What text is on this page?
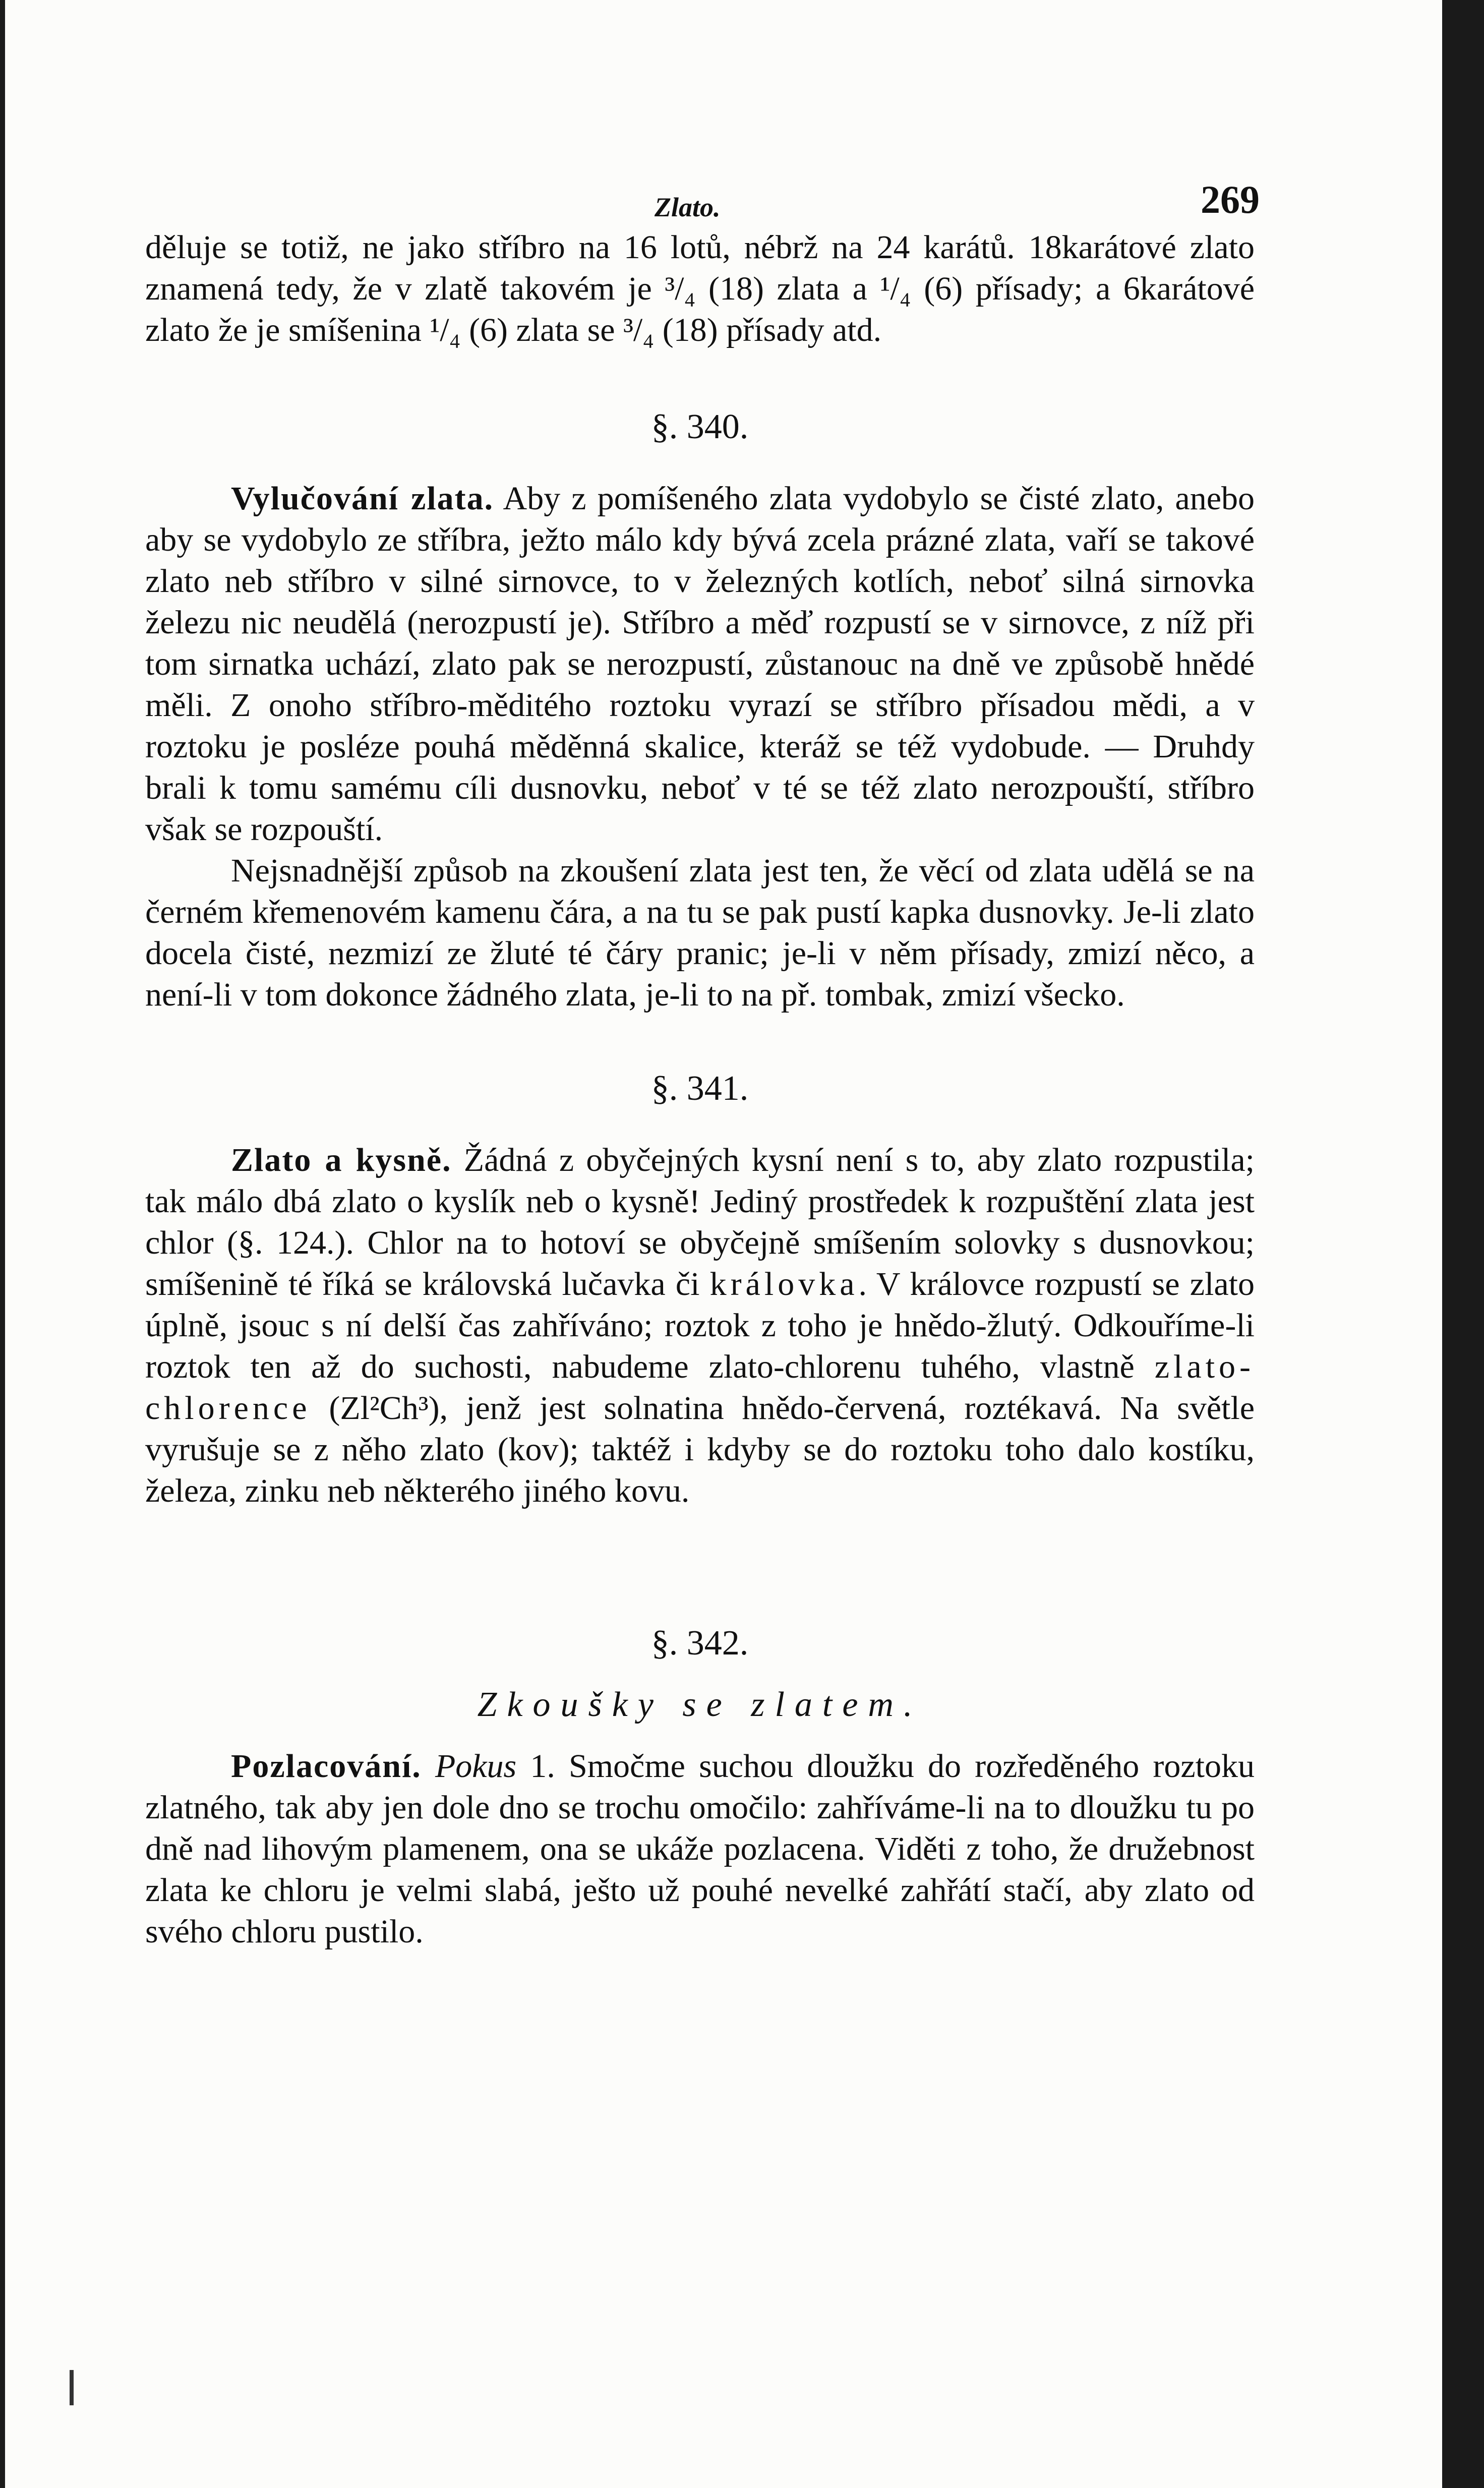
Zlato.	269

děluje se totiž, ne jako stříbro na 16 lotů, nébrž na 24 karátů. 18karátové zlato znamená tedy, že v zlatě takovém je ³/₄ (18) zlata a ¹/₄ (6) přísady; a 6karátové zlato že je smíšenina ¹/₄ (6) zlata se ³/₄ (18) přísady atd.

§. 340.

Vylučování zlata. Aby z pomíšeného zlata vydobylo se čisté zlato, anebo aby se vydobylo ze stříbra, ježto málo kdy bývá zcela prázné zlata, vaří se takové zlato neb stříbro v silné sirnovce, to v železných kotlích, neboť silná sirnovka železu nic neudělá (nerozpustí je). Stříbro a měď rozpustí se v sirnovce, z níž při tom sirnatka uchází, zlato pak se nerozpustí, zůstanouc na dně ve způsobě hnědé měli. Z onoho stříbro-měditého roztoku vyrazí se stříbro přísadou mědi, a v roztoku je posléze pouhá měděnná skalice, kteráž se též vydobude. — Druhdy brali k tomu samému cíli dusnovku, neboť v té se též zlato nerozpouští, stříbro však se rozpouští.

Nejsnadnější způsob na zkoušení zlata jest ten, že věcí od zlata udělá se na černém křemenovém kamenu čára, a na tu se pak pustí kapka dusnovky. Je-li zlato docela čisté, nezmizí ze žluté té čáry pranic; je-li v něm přísady, zmizí něco, a není-li v tom dokonce žádného zlata, je-li to na př. tombak, zmizí všecko.

§. 341.

Zlato a kysně. Žádná z obyčejných kysní není s to, aby zlato rozpustila; tak málo dbá zlato o kyslík neb o kysně! Jediný prostředek k rozpuštění zlata jest chlor (§. 124.). Chlor na to hotoví se obyčejně smíšením solovky s dusnovkou; smíšenině té říká se královská lučavka či královka. V královce rozpustí se zlato úplně, jsouc s ní delší čas zahříváno; roztok z toho je hnědo-žlutý. Odkouříme-li roztok ten až do suchosti, nabudeme zlato-chlorenu tuhého, vlastně zlato-chlorence (Zl²Ch³), jenž jest solnatina hnědo-červená, roztékavá. Na světle vyrušuje se z něho zlato (kov); taktéž i kdyby se do roztoku toho dalo kostíku, železa, zinku neb některého jiného kovu.

§. 342.
Zkoušky se zlatem.

Pozlacování. Pokus 1. Smočme suchou dloužku do rozředěného roztoku zlatného, tak aby jen dole dno se trochu omočilo: zahříváme-li na to dloužku tu po dně nad lihovým plamenem, ona se ukáže pozlacena. Viděti z toho, že družebnost zlata ke chloru je velmi slabá, ješto už pouhé nevelké zahřátí stačí, aby zlato od svého chloru pustilo.
